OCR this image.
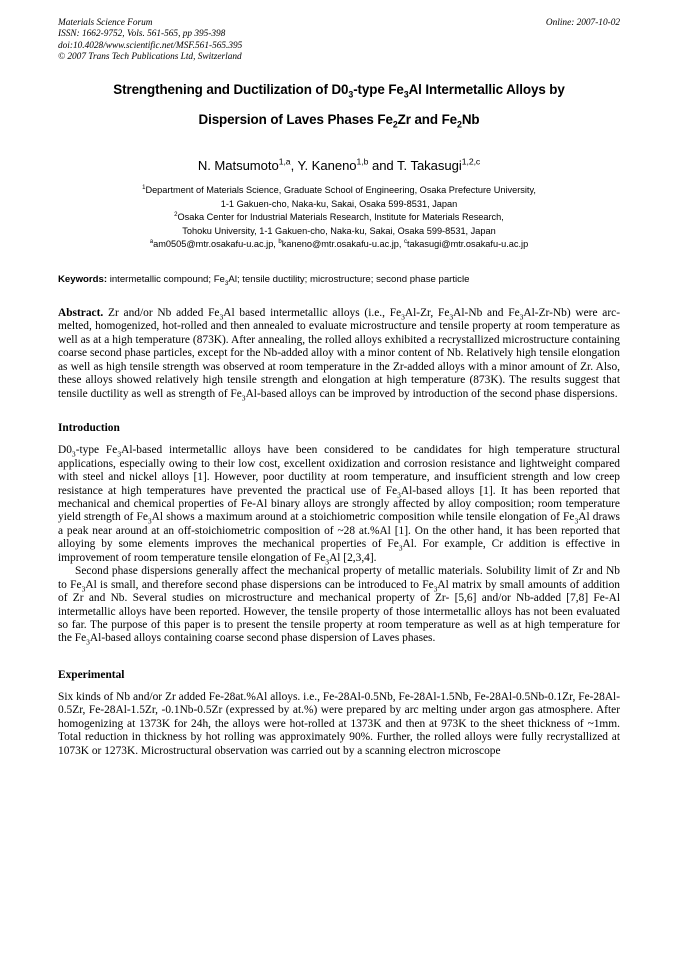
Materials Science Forum
ISSN: 1662-9752, Vols. 561-565, pp 395-398
doi:10.4028/www.scientific.net/MSF.561-565.395
© 2007 Trans Tech Publications Ltd, Switzerland
Online: 2007-10-02
Strengthening and Ductilization of $D0_3$-type $Fe_3Al$ Intermetallic Alloys by
Dispersion of Laves Phases $Fe_2Zr$ and $Fe_2Nb$
N. Matsumoto$^{1,a}$, Y. Kaneno$^{1,b}$ and T. Takasugi$^{1,2,c}$
$^1$Department of Materials Science, Graduate School of Engineering, Osaka Prefecture University,
1-1 Gakuen-cho, Naka-ku, Sakai, Osaka 599-8531, Japan
$^2$Osaka Center for Industrial Materials Research, Institute for Materials Research,
Tohoku University, 1-1 Gakuen-cho, Naka-ku, Sakai, Osaka 599-8531, Japan
$^a$am0505@mtr.osakafu-u.ac.jp, $^b$kaneno@mtr.osakafu-u.ac.jp, $^c$takasugi@mtr.osakafu-u.ac.jp
Keywords: intermetallic compound; $Fe_3Al$; tensile ductility; microstructure; second phase particle
Abstract. Zr and/or Nb added $Fe_3Al$ based intermetallic alloys (i.e., $Fe_3Al-Zr$, $Fe_3Al-Nb$ and $Fe_3Al-Zr-Nb$) were arc-melted, homogenized, hot-rolled and then annealed to evaluate microstructure and tensile property at room temperature as well as at a high temperature (873K). After annealing, the rolled alloys exhibited a recrystallized microstructure containing coarse second phase particles, except for the Nb-added alloy with a minor content of Nb. Relatively high tensile elongation as well as high tensile strength was observed at room temperature in the Zr-added alloys with a minor amount of Zr. Also, these alloys showed relatively high tensile strength and elongation at high temperature (873K). The results suggest that tensile ductility as well as strength of $Fe_3Al$-based alloys can be improved by introduction of the second phase dispersions.
Introduction

$D0_3$-type $Fe_3Al$-based intermetallic alloys have been considered to be candidates for high temperature structural applications, especially owing to their low cost, excellent oxidization and corrosion resistance and lightweight compared with steel and nickel alloys [1]. However, poor ductility at room temperature, and insufficient strength and low creep resistance at high temperatures have prevented the practical use of $Fe_3Al$-based alloys [1]. It has been reported that mechanical and chemical properties of Fe-Al binary alloys are strongly affected by alloy composition; room temperature yield strength of $Fe_3Al$ shows a maximum around at a stoichiometric composition while tensile elongation of $Fe_3Al$ draws a peak near around at an off-stoichiometric composition of ~28 at.%Al [1]. On the other hand, it has been reported that alloying by some elements improves the mechanical properties of $Fe_3Al$. For example, Cr addition is effective in improvement of room temperature tensile elongation of $Fe_3Al$ [2,3,4].

Second phase dispersions generally affect the mechanical property of metallic materials. Solubility limit of Zr and Nb to $Fe_3Al$ is small, and therefore second phase dispersions can be introduced to $Fe_3Al$ matrix by small amounts of addition of Zr and Nb. Several studies on microstructure and mechanical property of Zr- [5,6] and/or Nb-added [7,8] Fe-Al intermetallic alloys have been reported. However, the tensile property of those intermetallic alloys has not been evaluated so far. The purpose of this paper is to present the tensile property at room temperature as well as at high temperature for the $Fe_3Al$-based alloys containing coarse second phase dispersion of Laves phases.

Experimental

Six kinds of Nb and/or Zr added Fe-28at.%Al alloys. i.e., Fe-28Al-0.5Nb, Fe-28Al-1.5Nb, Fe-28Al-0.5Nb-0.1Zr, Fe-28Al-0.5Zr, Fe-28Al-1.5Zr, -0.1Nb-0.5Zr (expressed by at.%) were prepared by arc melting under argon gas atmosphere. After homogenizing at 1373K for 24h, the alloys were hot-rolled at 1373K and then at 973K to the sheet thickness of ~1mm. Total reduction in thickness by hot rolling was approximately 90%. Further, the rolled alloys were fully recrystallized at 1073K or 1273K. Microstructural observation was carried out by a scanning electron microscope
